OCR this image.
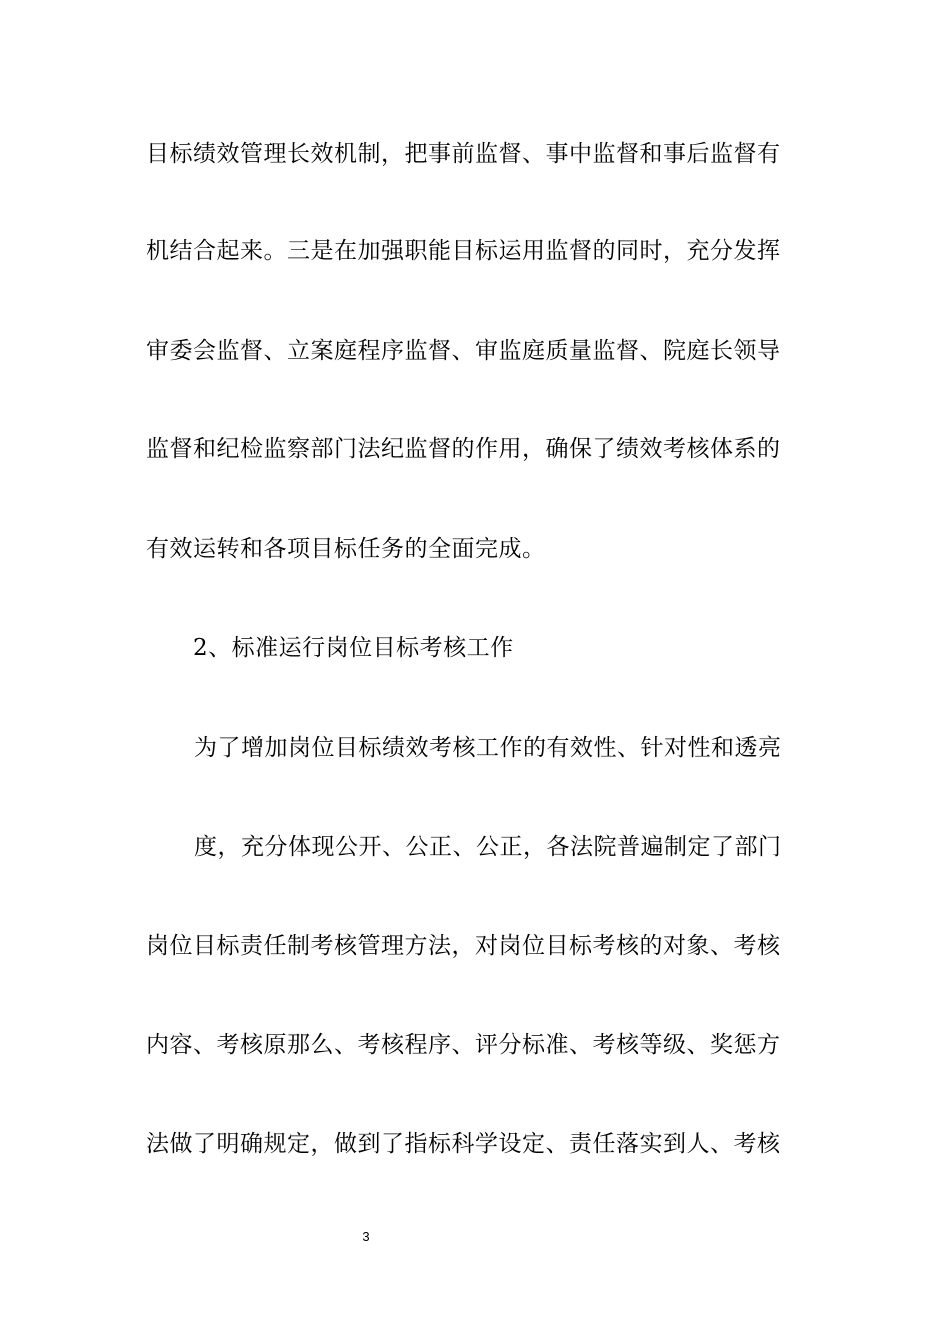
目标绩效管理长效机制，把事前监督、事中监督和事后监督有
机结合起来。三是在加强职能目标运用监督的同时，充分发挥
审委会监督、立案庭程序监督、审监庭质量监督、院庭长领导
监督和纪检监察部门法纪监督的作用，确保了绩效考核体系的
有效运转和各项目标任务的全面完成。
2、标准运行岗位目标考核工作
为了增加岗位目标绩效考核工作的有效性、针对性和透亮
度，充分体现公开、公正、公正，各法院普遍制定了部门
岗位目标责任制考核管理方法，对岗位目标考核的对象、考核
内容、考核原那么、考核程序、评分标准、考核等级、奖惩方
法做了明确规定，做到了指标科学设定、责任落实到人、考核
3
